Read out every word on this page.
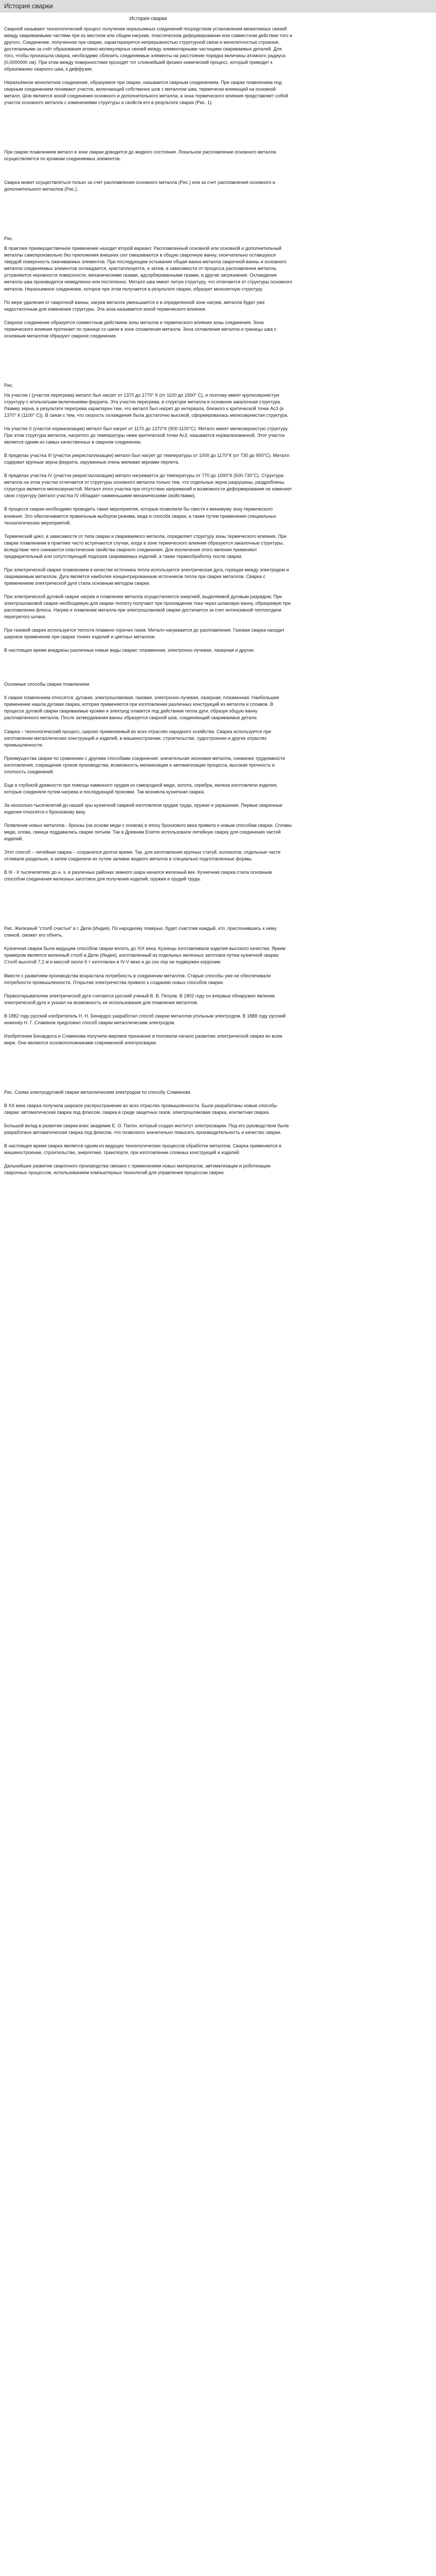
История сварки
История сварки

Сварной называют технологический процесс получения неразъемных соединений посредством установления межатомных связей между свариваемыми частями при их местном или общем нагреве, пластическом деформировании или совместном действии того и другого. Соединение, полученное при сварке, характеризуется непрерывностью структурной связи и монолитностью строения, достигаемыми за счёт образования атомно-молекулярных связей между элементарными частицами свариваемых деталей. Для того, чтобы произошла сварка, необходимо сблизить соединяемые элементы на расстояние порядка величины атомного радиуса (0,0000000 см). При этом между поверхностями проходят тот сложнейший физико-химический процесс, который приводит к образованию сварного шва, к диффузии.

Неразъёмное монолитное соединение, образуемое при сварке, называется сварным соединением. При сварке плавлением под сварным соединением понимают участок, включающий собственно шов с металлом шва, термически влияющей на основной металл. Шов является зоной соединения основного и дополнительного металла, а зона термического влияния представляет собой участок основного металла с изменениями структуры и свойств его в результате сварки (Рис. 1).

При сварке плавлением металл в зоне сварки доводится до жидкого состояния. Локальное расплавление основного металла осуществляется по кромкам соединяемых элементов.

Сварка может осуществляться только за счет расплавления основного металла (Рис.) или за счет расплавления основного и дополнительного металлов (Рис.).

Рис.

В практике преимущественное применение находит второй вариант. Расплавленный основной или основной и дополнительный металлы самопроизвольно без приложения внешних сил смешиваются в общую сварочную ванну, окончательно оставшуюся твердой поверхность смачиваемых элементов. При последующем остывании общая ванна металла сварочной ванны и основного металла соединяемых элементов охлаждается, кристаллизуется, и затем, в зависимости от процесса расплавления металла, устраняются неровности поверхности, механическими газами, адсорбированными газами, и другие загрязнения. Охлаждение металла шва производится немедленно или постепенно. Металл шва имеет литую структуру, что отличается от структуры основного металла. Неразъемное соединение, которое при этом получается в результате сварки, образует монолитную структуру.

По мере удаления от сварочной ванны, нагрев металла уменьшается и в определенной зоне нагрев, металла будет уже недостаточным для изменения структуры. Эта зона называется зоной термического влияния.

Сварное соединение образуется совместным действием зоны металла и термического влияния зоны соединения. Зона термического влияния протекает по границе со швом в зоне сплавления металла. Зона сплавления металла и границы шва с основным металлом образуют сварное соединение.

Рис.

На участке I (участок перегрева) металл был нагрет от 1370 до 1770° К (от 1100 до 1500° С), и поэтому имеет крупнозернистую структуру с игольчатыми включениями феррита. Эта участок перегрева, в структуре металла в основном закалочная структура. Размер зерна, в результате перегрева характерен тем, что металл был нагрет до интервала, близкого к критической точке Ас3 (в 1370° К (1100° С)). В связи с тем, что скорость охлаждения была достаточно высокой, сформировалась мелкозернистая структура.

На участке II (участок нормализации) металл был нагрет от 1170 до 1370°К (900-1100°С). Металл имеет мелкозернистую структуру. При этом структура металла, нагретого до температуры ниже критической точки Ас3, называется нормализованной. Этот участок является одним из самых качественных в сварном соединении.

В пределах участка III (участок рекристаллизации) металл был нагрет до температуры от 1000 до 1170°К (от 730 до 900°С). Металл содержит крупные зерна феррита, окруженные очень мелкими зернами перлита.

В пределах участка IV (участок рекристаллизации) металл нагревается до температуры от 770 до 1000°К (500-730°С). Структура металла на этом участке отличается от структуры основного металла только тем, что отдельные зерна разрушены, раздроблены, структура является мелкозернистой. Металл этого участка при отсутствии напряжений и возможности деформирования не изменяет свою структуру (металл участка IV обладает наименьшими механическими свойствами).

В процессе сварки необходимо проводить такие мероприятия, которые позволили бы свести к минимуму зону термического влияния. Это обеспечивается правильным выбором режима, вида и способа сварки, а также путем применения специальных технологических мероприятий.

Термический цикл, в зависимости от типа сварки и свариваемого металла, определяет структуру зоны термического влияния. При сварке плавлением в практике часто встречаются случаи, когда в зоне термического влияния образуются закалочные структуры, вследствие чего снижаются пластические свойства сварного соединения. Для исключения этого явления применяют предварительный или сопутствующий подогрев свариваемых изделий, а также термообработку после сварки.

При электрической сварке плавлением в качестве источника тепла используется электрическая дуга, горящая между электродом и свариваемым металлом. Дуга является наиболее концентрированным источником тепла при сварке металлов. Сварка с применением электрической дуги стала основным методом сварки.

При электрической дуговой сварке нагрев и плавление металла осуществляется энергией, выделяемой дуговым разрядом. При электрошлаковой сварке необходимую для сварки теплоту получают при прохождении тока через шлаковую ванну, образуемую при расплавлении флюса. Нагрев и плавление металла при электрошлаковой сварке достигается за счет интенсивной теплоотдачи перегретого шлака.

При газовой сварке используется теплота пламени горючих газов. Металл нагревается до расплавления. Газовая сварка находит широкое применение при сварке тонких изделий и цветных металлов.

В настоящее время внедрены различные новые виды сварки: плазменная, электронно-лучевая, лазерная и другие.

Основные способы сварки плавлением.

К сварке плавлением относятся: дуговая, электрошлаковая, газовая, электронно-лучевая, лазерная, плазменная. Наибольшее применение нашла дуговая сварка, которая применяется при изготовлении различных конструкций из металла и сплавов. В процессе дуговой сварки свариваемые кромки и электрод плавятся под действием тепла дуги, образуя общую ванну расплавленного металла. После затвердевания ванны образуется сварной шов, соединяющий свариваемые детали.

Сварка – технологический процесс, широко применяемый во всех отраслях народного хозяйства. Сварка используется при изготовлении металлических конструкций и изделий, в машиностроении, строительстве, судостроении и других отраслях промышленности.

Преимущества сварки по сравнению с другими способами соединения: значительная экономия металла, снижение трудоемкости изготовления, сокращение сроков производства, возможность механизации и автоматизации процесса, высокая прочность и плотность соединений.

Еще в глубокой древности при помощи каменного орудия из самородной меди, золота, серебра, железа изготовляли изделия, которые соединяли путем нагрева и последующей проковки. Так возникла кузнечная сварка.

За несколько тысячелетий до нашей эры кузнечной сваркой изготовляли орудия труда, оружие и украшения. Первые сваренные изделия относятся к бронзовому веку.

Появление новых металлов - бронзы (на основе меди с оловом) в эпоху бронзового века привело к новым способам сварки. Сплавы меди, олова, свинца поддавались сварке литьем. Так в Древнем Египте использовали литейную сварку для соединения частей изделий.

Этот способ – литейная сварка – сохранялся долгое время. Так, для изготовления крупных статуй, колоколов, отдельные части отливали раздельно, а затем соединяли их путем заливки жидкого металла в специально подготовленные формы.

В III - II тысячелетиях до н. э. в различных районах земного шара начался железный век. Кузнечная сварка стала основным способом соединения железных заготовок для получения изделий, оружия и орудий труда.

Рис. Железный "столб счастья" в г. Дели (Индия). По народному поверью, будет счастлив каждый, кто, прислонившись к нему спиной, сможет его обнять.

Кузнечная сварка была ведущим способом сварки вплоть до XIX века. Кузнецы изготавливали изделия высокого качества. Ярким примером является железный столб в Дели (Индия), изготовленный из отдельных железных заготовок путем кузнечной сварки. Столб высотой 7,2 м и массой около 6 т изготовлен в IV-V веке и до сих пор не подвержен коррозии.

Вместе с развитием производства возрастала потребность в соединении металлов. Старые способы уже не обеспечивали потребности промышленности. Открытие электричества привело к созданию новых способов сварки.

Первооткрывателем электрической дуги считается русский ученый В. В. Петров. В 1802 году он впервые обнаружил явление электрической дуги и указал на возможность ее использования для плавления металлов.

В 1882 году русский изобретатель Н. Н. Бенардос разработал способ сварки металлов угольным электродом. В 1888 году русский инженер Н. Г. Славянов предложил способ сварки металлическим электродом.

Изобретения Бенардоса и Славянова получили мировое признание и положили начало развитию электрической сварки во всем мире. Они являются основоположниками современной электросварки.

Рис. Схема электродуговой сварки металлическим электродом по способу Славянова

В XX веке сварка получила широкое распространение во всех отраслях промышленности. Были разработаны новые способы сварки: автоматическая сварка под флюсом, сварка в среде защитных газов, электрошлаковая сварка, контактная сварка.

Большой вклад в развитие сварки внес академик Е. О. Патон, который создал институт электросварки. Под его руководством была разработана автоматическая сварка под флюсом, что позволило значительно повысить производительность и качество сварки.

В настоящее время сварка является одним из ведущих технологических процессов обработки металлов. Сварка применяется в машиностроении, строительстве, энергетике, транспорте, при изготовлении сложных конструкций и изделий.

Дальнейшее развитие сварочного производства связано с применением новых материалов, автоматизации и роботизации сварочных процессов, использованием компьютерных технологий для управления процессом сварки.
